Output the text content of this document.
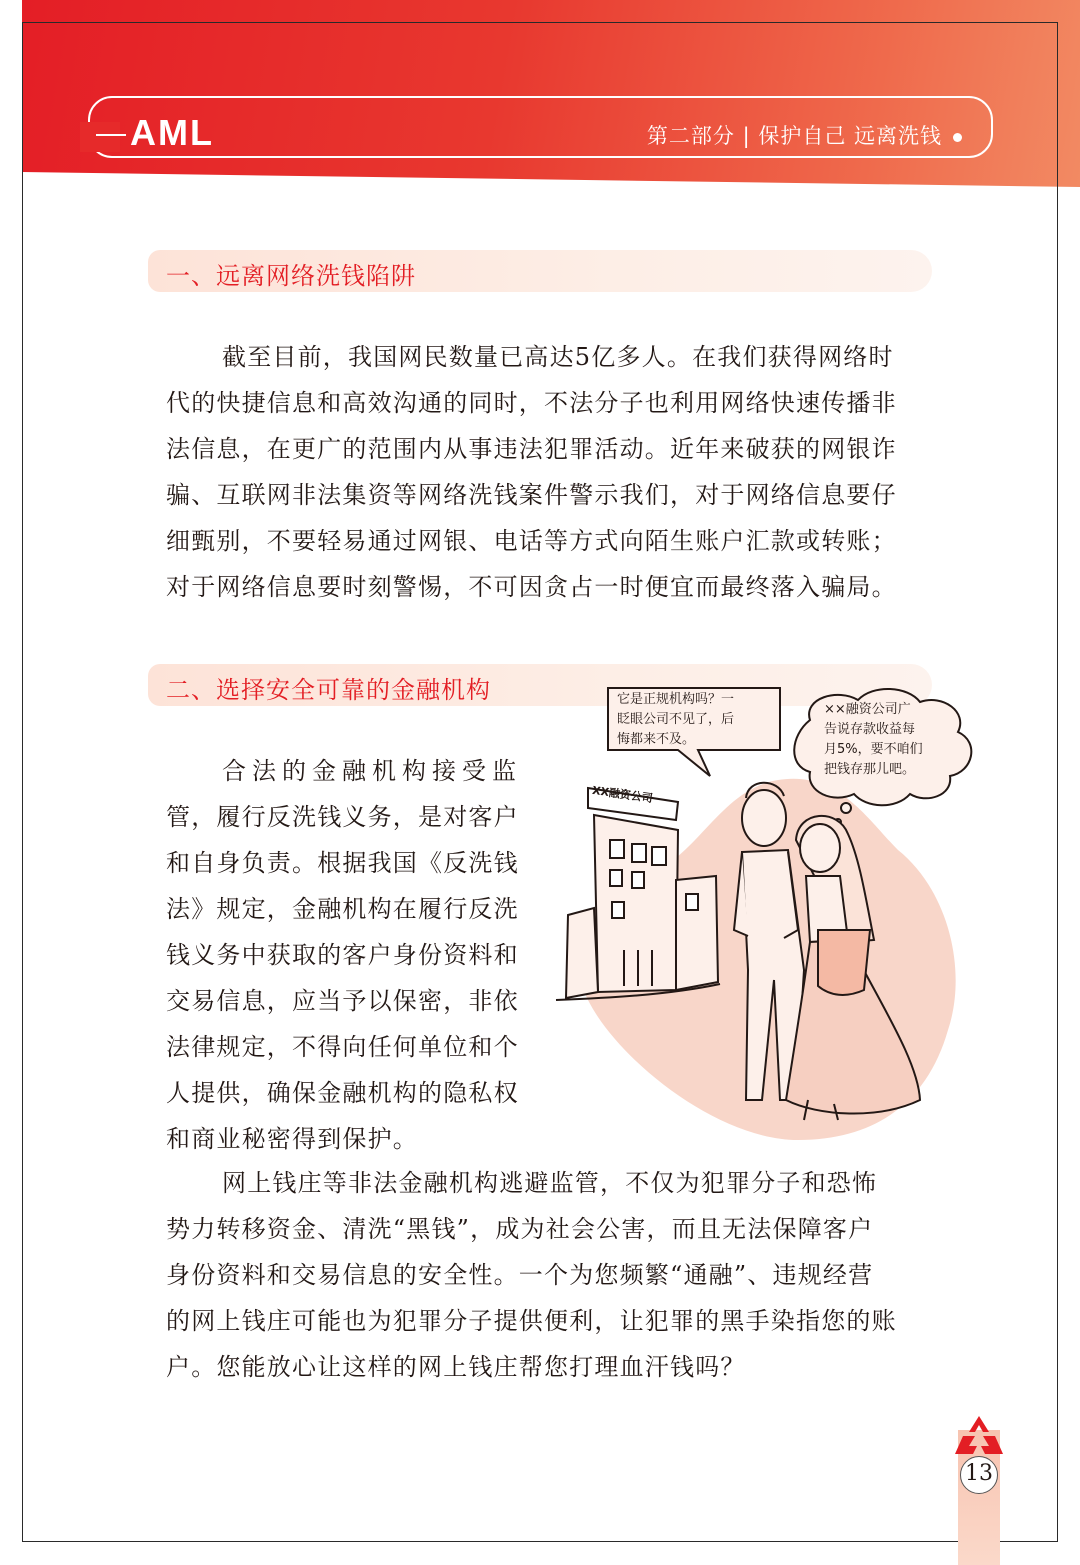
AML	第二部分 | 保护自己 远离洗钱
一、远离网络洗钱陷阱

截至目前，我国网民数量已高达5亿多人。在我们获得网络时
代的快捷信息和高效沟通的同时，不法分子也利用网络快速传播非
法信息，在更广的范围内从事违法犯罪活动。近年来破获的网银诈
骗、互联网非法集资等网络洗钱案件警示我们，对于网络信息要仔
细甄别，不要轻易通过网银、电话等方式向陌生账户汇款或转账；
对于网络信息要时刻警惕，不可因贪占一时便宜而最终落入骗局。

二、选择安全可靠的金融机构

合法的金融机构接受监
管，履行反洗钱义务，是对客户
和自身负责。根据我国《反洗钱
法》规定，金融机构在履行反洗
钱义务中获取的客户身份资料和
交易信息，应当予以保密，非依
法律规定，不得向任何单位和个
人提供，确保金融机构的隐私权
和商业秘密得到保护。

网上钱庄等非法金融机构逃避监管，不仅为犯罪分子和恐怖
势力转移资金、清洗“黑钱”，成为社会公害，而且无法保障客户
身份资料和交易信息的安全性。一个为您频繁“通融”、违规经营
的网上钱庄可能也为犯罪分子提供便利，让犯罪的黑手染指您的账
户。您能放心让这样的网上钱庄帮您打理血汗钱吗？

它是正规机构吗？一
眨眼公司不见了，后
悔都来不及。
××融资公司广
告说存款收益每
月5%，要不咱们
把钱存那儿吧。
XX融资公司
13
